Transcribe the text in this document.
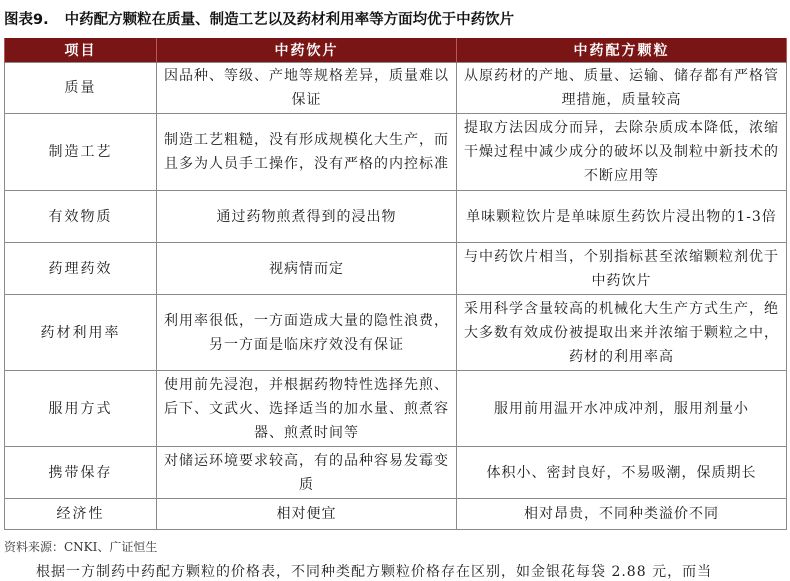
图表9. 中药配方颗粒在质量、制造工艺以及药材利用率等方面均优于中药饮片
项目	中药饮片	中药配方颗粒
质量	因品种、等级、产地等规格差异，质量难以保证	从原药材的产地、质量、运输、储存都有严格管理措施，质量较高
制造工艺	制造工艺粗糙，没有形成规模化大生产，而且多为人员手工操作，没有严格的内控标准	提取方法因成分而异，去除杂质成本降低，浓缩干燥过程中减少成分的破坏以及制粒中新技术的不断应用等
有效物质	通过药物煎煮得到的浸出物	单味颗粒饮片是单味原生药饮片浸出物的1-3倍
药理药效	视病情而定	与中药饮片相当，个别指标甚至浓缩颗粒剂优于中药饮片
药材利用率	利用率很低，一方面造成大量的隐性浪费，另一方面是临床疗效没有保证	采用科学含量较高的机械化大生产方式生产，绝大多数有效成份被提取出来并浓缩于颗粒之中，药材的利用率高
服用方式	使用前先浸泡，并根据药物特性选择先煎、后下、文武火、选择适当的加水量、煎煮容器、煎煮时间等	服用前用温开水冲成冲剂，服用剂量小
携带保存	对储运环境要求较高，有的品种容易发霉变质	体积小、密封良好，不易吸潮，保质期长
经济性	相对便宜	相对昂贵，不同种类溢价不同
资料来源：CNKI、广证恒生
根据一方制药中药配方颗粒的价格表，不同种类配方颗粒价格存在区别，如金银花每袋 2.88 元，而当
